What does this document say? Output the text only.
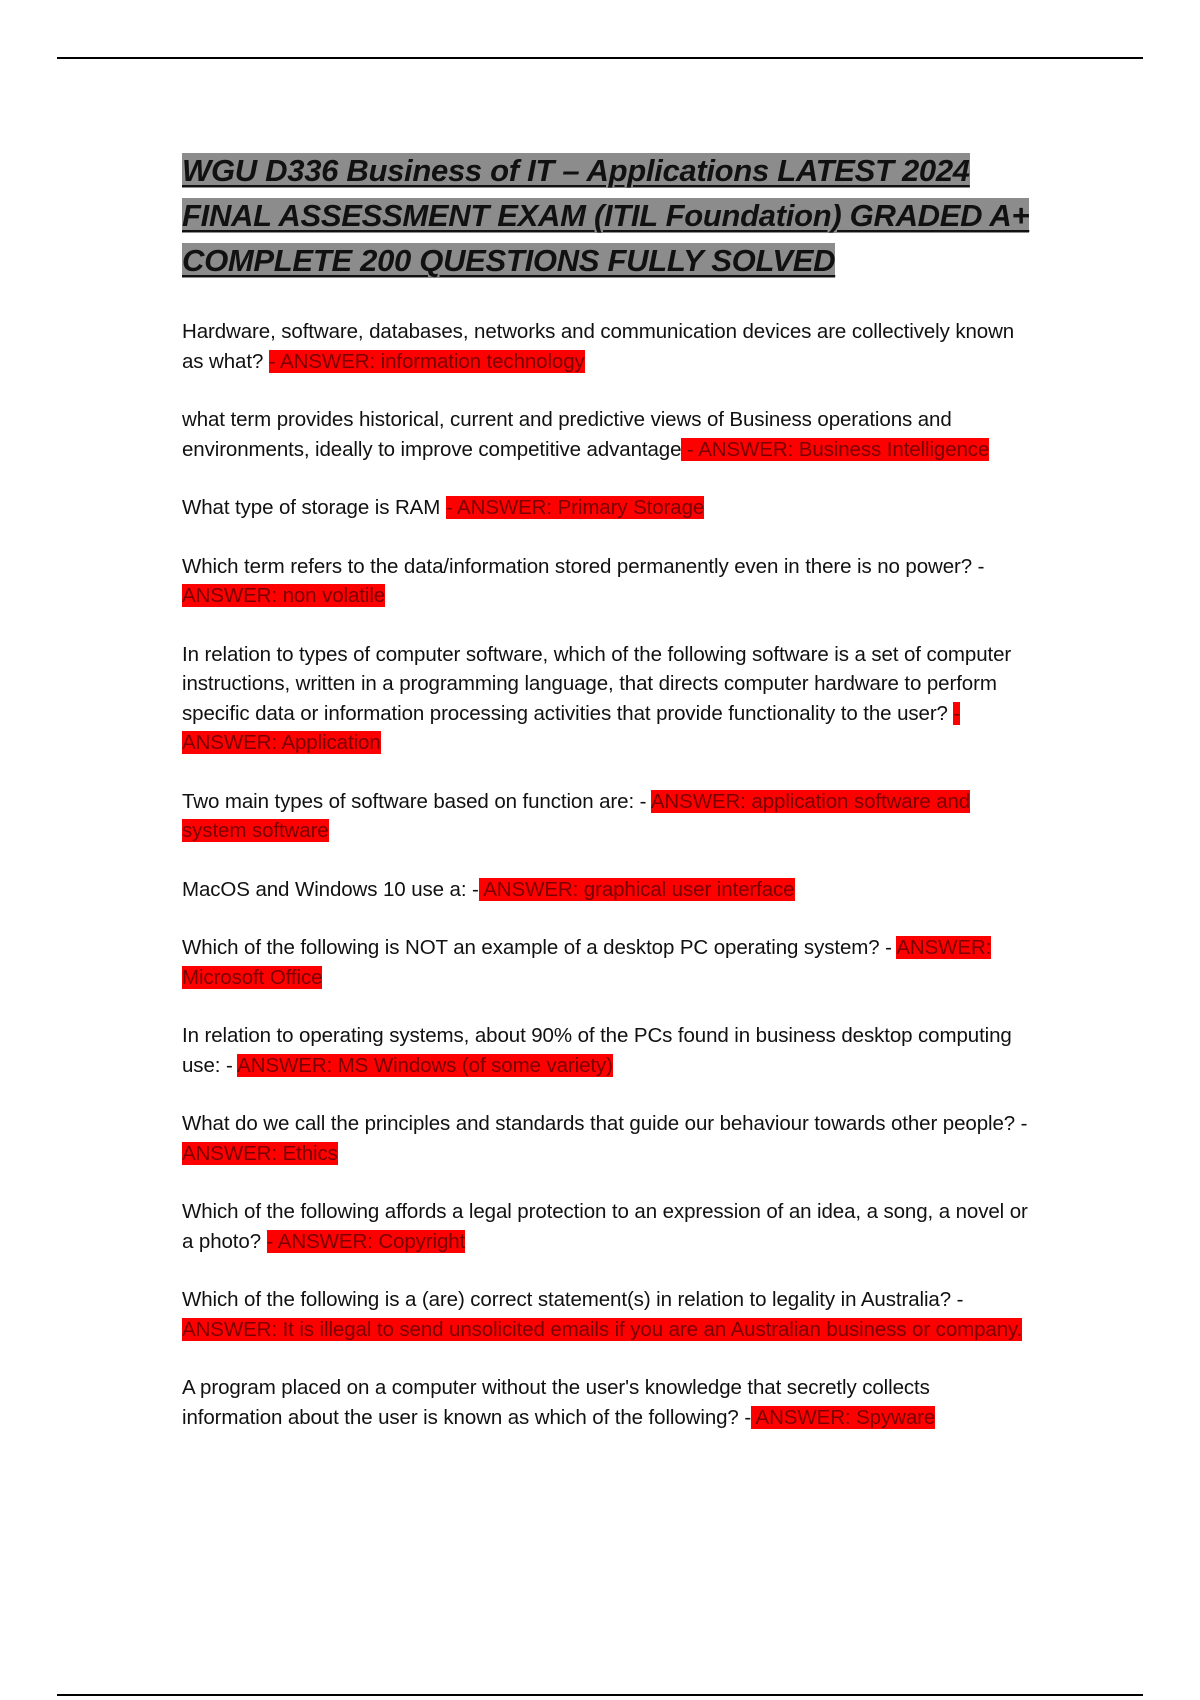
WGU D336 Business of IT – Applications LATEST 2024 FINAL ASSESSMENT EXAM (ITIL Foundation) GRADED A+ COMPLETE 200 QUESTIONS FULLY SOLVED

Hardware, software, databases, networks and communication devices are collectively known as what? - ANSWER: information technology

what term provides historical, current and predictive views of Business operations and environments, ideally to improve competitive advantage - ANSWER: Business Intelligence

What type of storage is RAM - ANSWER: Primary Storage

Which term refers to the data/information stored permanently even in there is no power? - ANSWER: non volatile

In relation to types of computer software, which of the following software is a set of computer instructions, written in a programming language, that directs computer hardware to perform specific data or information processing activities that provide functionality to the user? - ANSWER: Application

Two main types of software based on function are: - ANSWER: application software and system software

MacOS and Windows 10 use a: - ANSWER: graphical user interface

Which of the following is NOT an example of a desktop PC operating system? - ANSWER: Microsoft Office

In relation to operating systems, about 90% of the PCs found in business desktop computing use: - ANSWER: MS Windows (of some variety)

What do we call the principles and standards that guide our behaviour towards other people? - ANSWER: Ethics

Which of the following affords a legal protection to an expression of an idea, a song, a novel or a photo? - ANSWER: Copyright

Which of the following is a (are) correct statement(s) in relation to legality in Australia? - ANSWER: It is illegal to send unsolicited emails if you are an Australian business or company.

A program placed on a computer without the user's knowledge that secretly collects information about the user is known as which of the following? - ANSWER: Spyware
